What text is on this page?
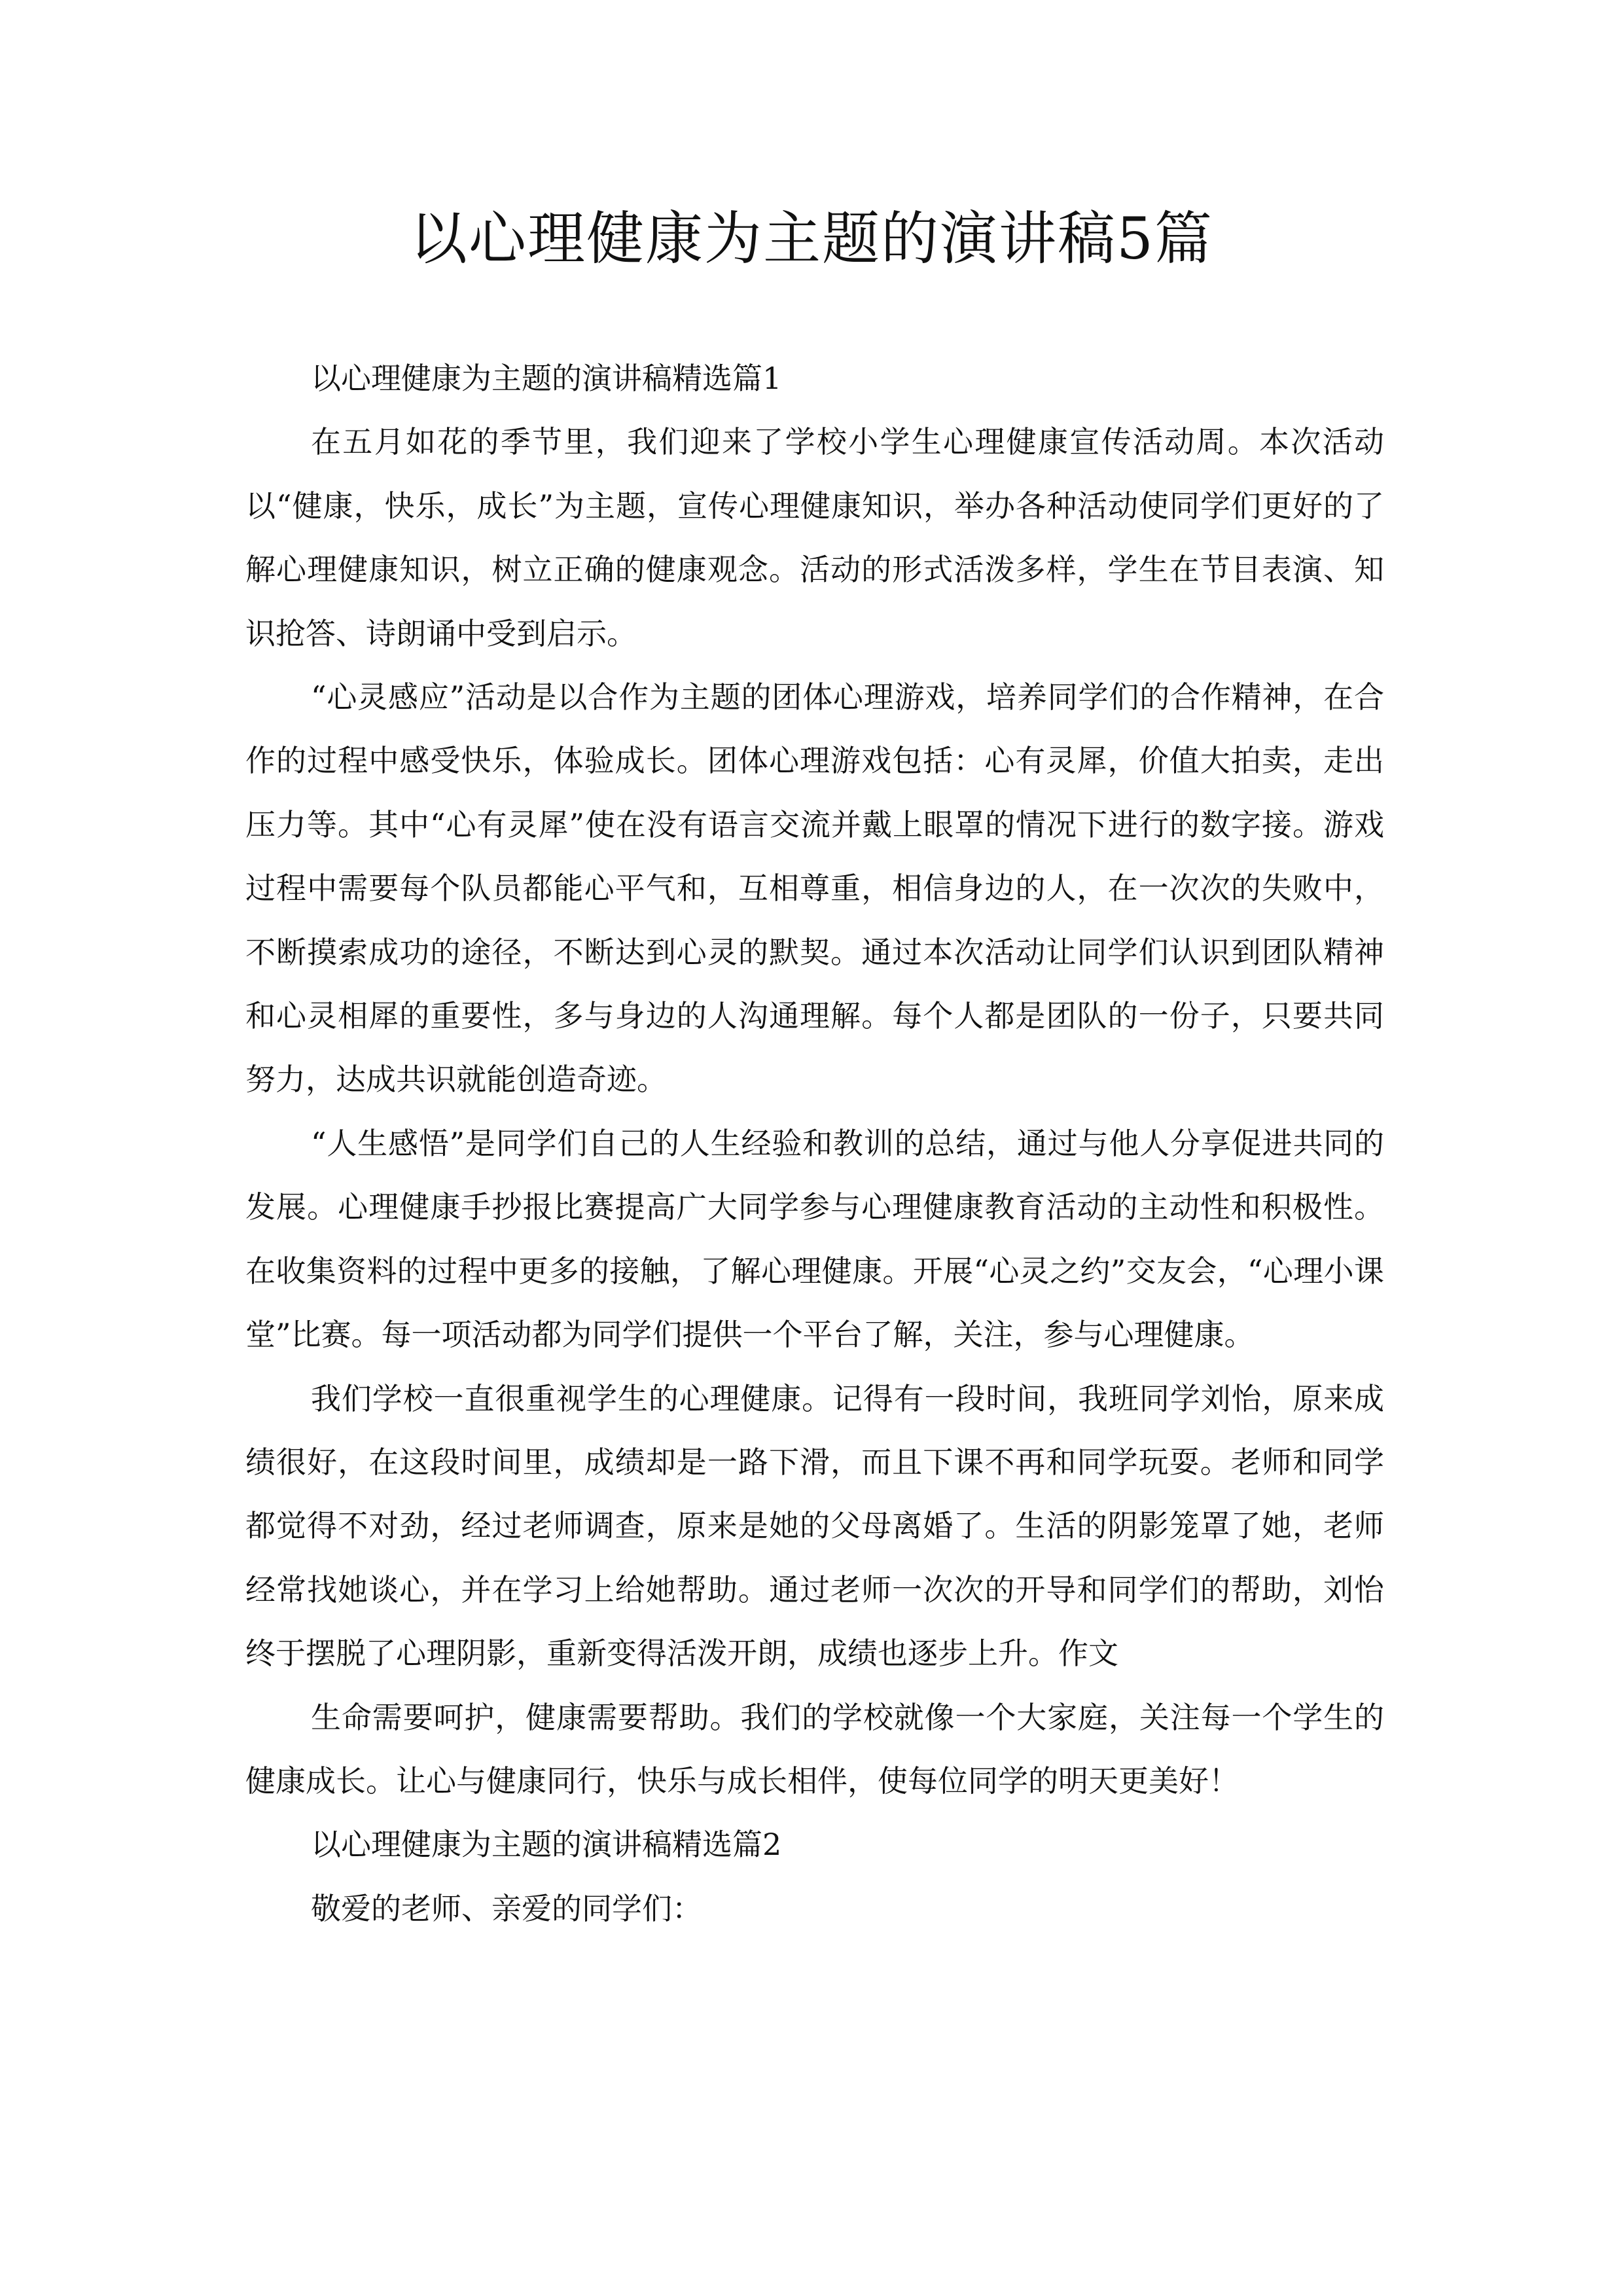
以心理健康为主题的演讲稿5篇

以心理健康为主题的演讲稿精选篇1

在五月如花的季节里，我们迎来了学校小学生心理健康宣传活动周。本次活动以“健康，快乐，成长”为主题，宣传心理健康知识，举办各种活动使同学们更好的了解心理健康知识，树立正确的健康观念。活动的形式活泼多样，学生在节目表演、知识抢答、诗朗诵中受到启示。

“心灵感应”活动是以合作为主题的团体心理游戏，培养同学们的合作精神，在合作的过程中感受快乐，体验成长。团体心理游戏包括：心有灵犀，价值大拍卖，走出压力等。其中“心有灵犀”使在没有语言交流并戴上眼罩的情况下进行的数字接。游戏过程中需要每个队员都能心平气和，互相尊重，相信身边的人，在一次次的失败中，不断摸索成功的途径，不断达到心灵的默契。通过本次活动让同学们认识到团队精神和心灵相犀的重要性，多与身边的人沟通理解。每个人都是团队的一份子，只要共同努力，达成共识就能创造奇迹。

“人生感悟”是同学们自己的人生经验和教训的总结，通过与他人分享促进共同的发展。心理健康手抄报比赛提高广大同学参与心理健康教育活动的主动性和积极性。在收集资料的过程中更多的接触，了解心理健康。开展“心灵之约”交友会，“心理小课堂”比赛。每一项活动都为同学们提供一个平台了解，关注，参与心理健康。

我们学校一直很重视学生的心理健康。记得有一段时间，我班同学刘怡，原来成绩很好，在这段时间里，成绩却是一路下滑，而且下课不再和同学玩耍。老师和同学都觉得不对劲，经过老师调查，原来是她的父母离婚了。生活的阴影笼罩了她，老师经常找她谈心，并在学习上给她帮助。通过老师一次次的开导和同学们的帮助，刘怡终于摆脱了心理阴影，重新变得活泼开朗，成绩也逐步上升。作文

生命需要呵护，健康需要帮助。我们的学校就像一个大家庭，关注每一个学生的健康成长。让心与健康同行，快乐与成长相伴，使每位同学的明天更美好！

以心理健康为主题的演讲稿精选篇2

敬爱的老师、亲爱的同学们：
